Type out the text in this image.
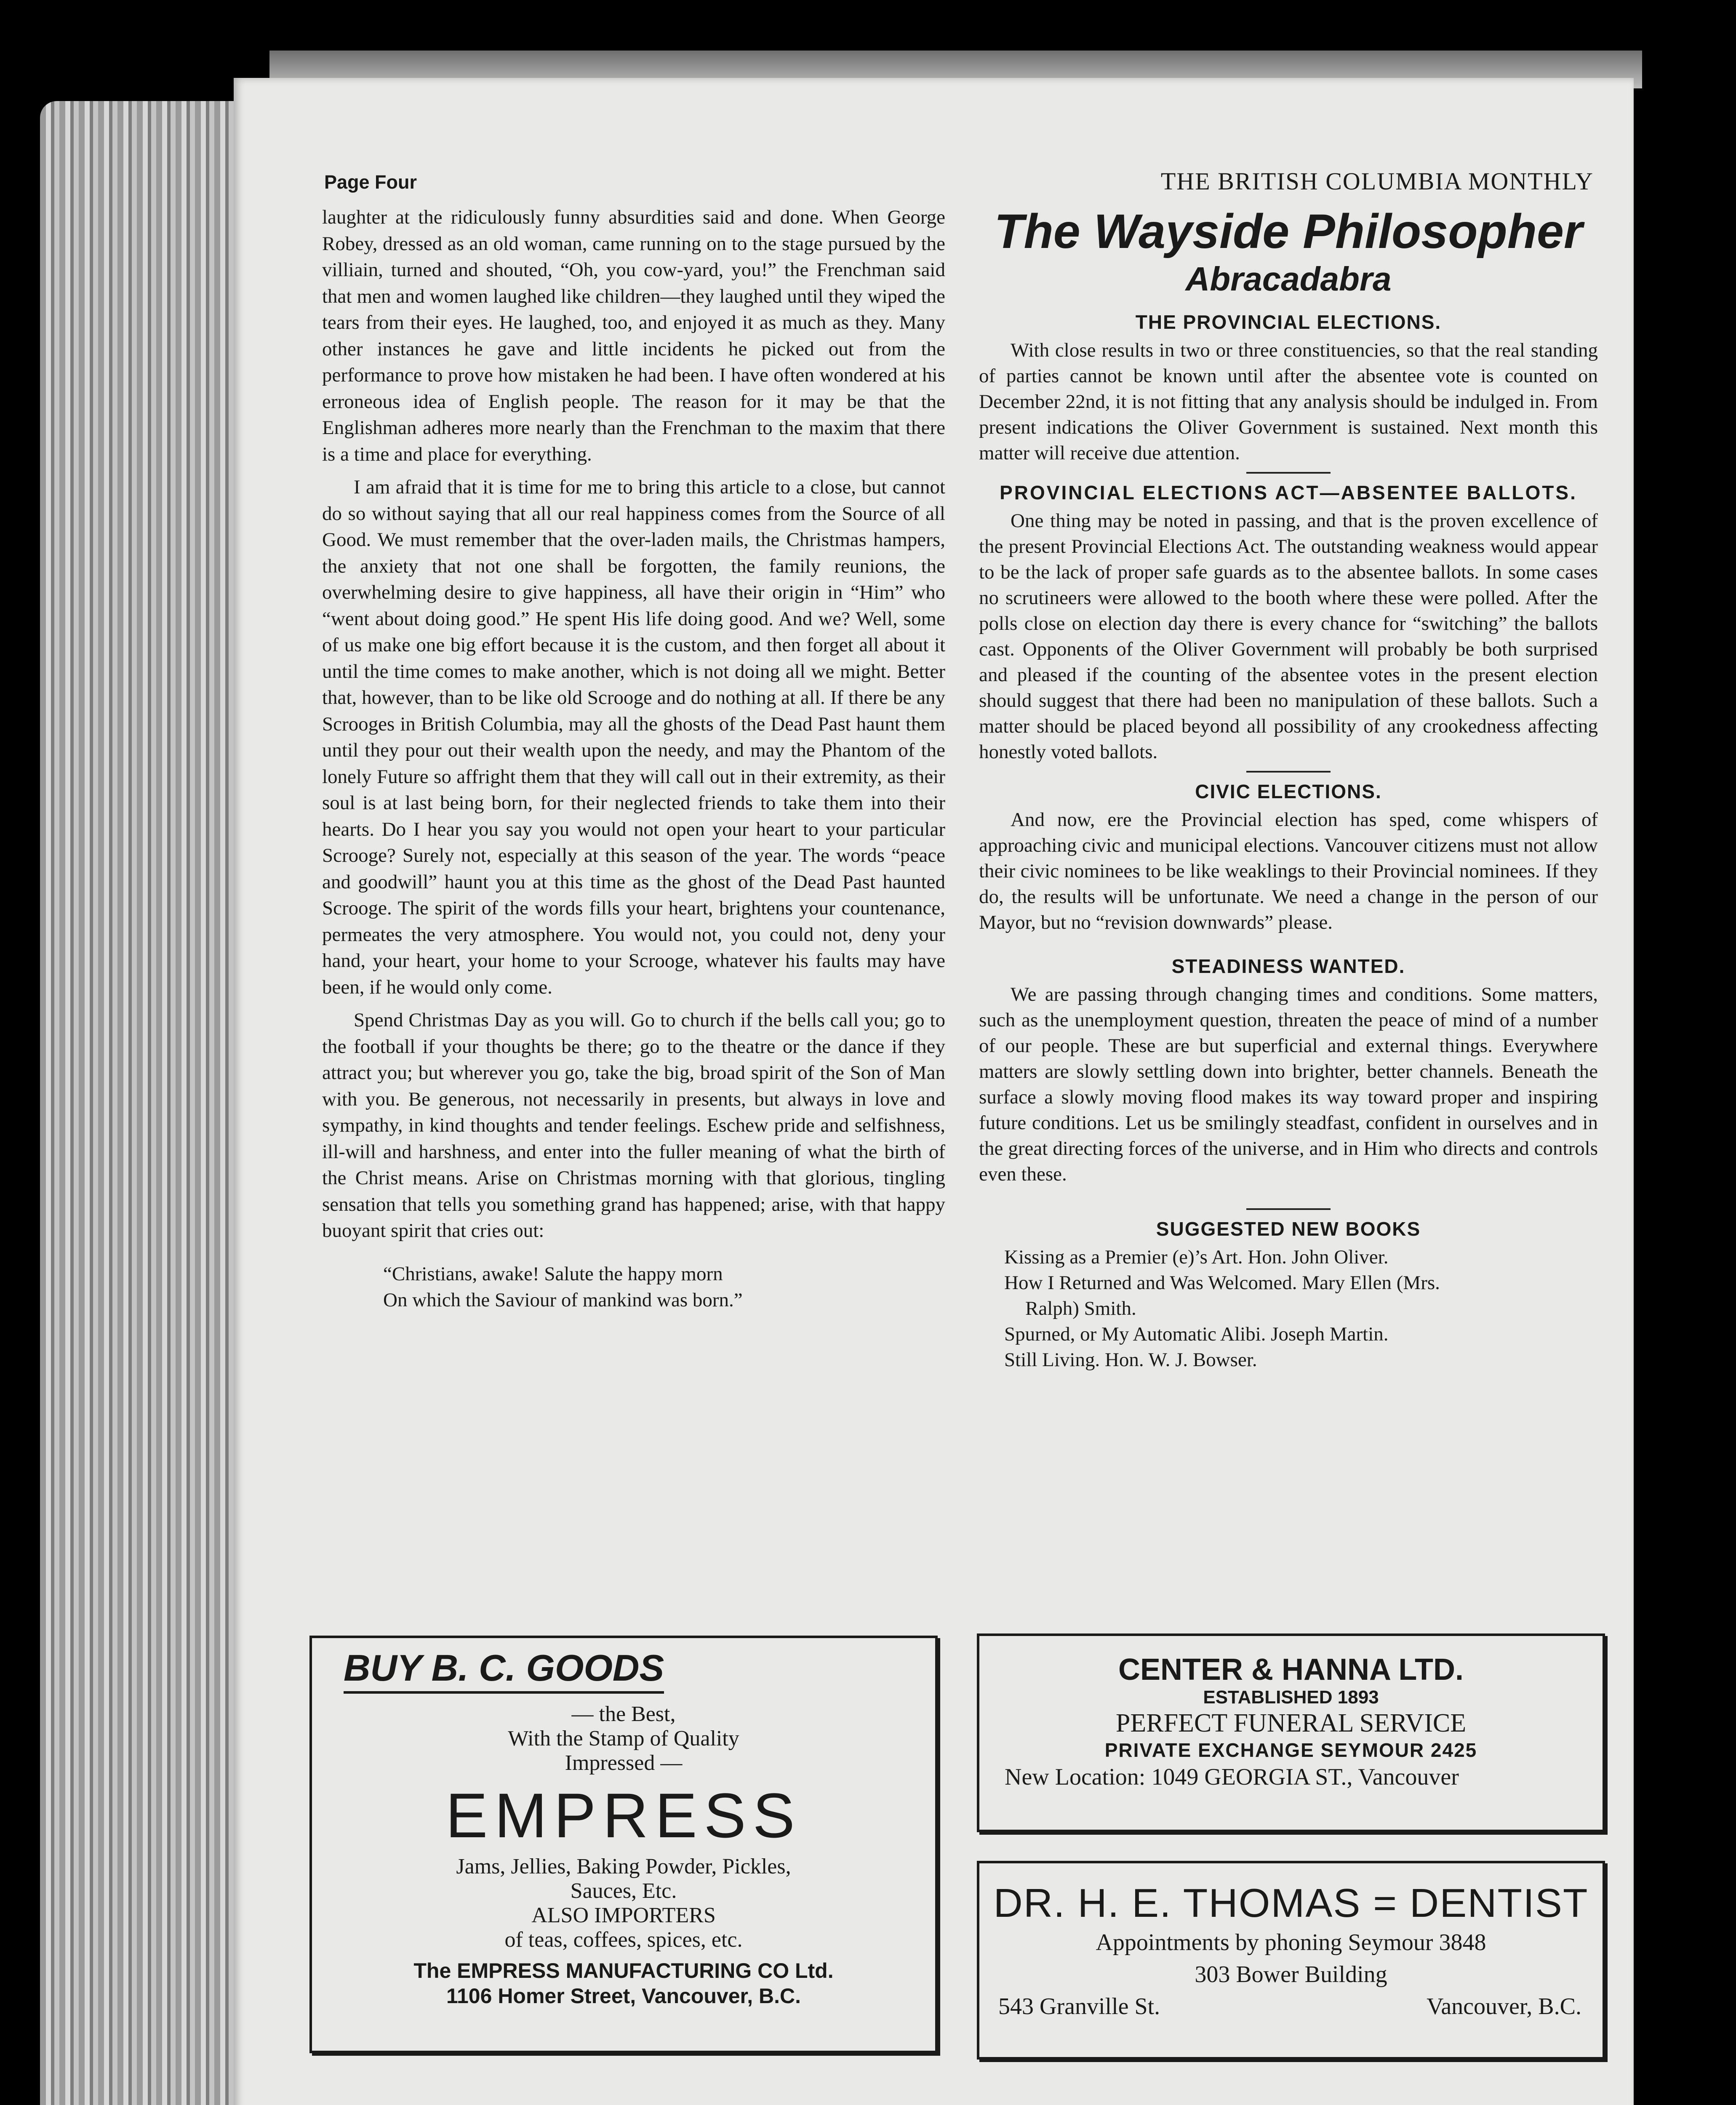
Page Four	THE BRITISH COLUMBIA MONTHLY

laughter at the ridiculously funny absurdities said and done. When George Robey, dressed as an old woman, came running on to the stage pursued by the villiain, turned and shouted, “Oh, you cow-yard, you!” the Frenchman said that men and women laughed like children—they laughed until they wiped the tears from their eyes. He laughed, too, and enjoyed it as much as they. Many other instances he gave and little incidents he picked out from the performance to prove how mistaken he had been. I have often wondered at his erroneous idea of English people. The reason for it may be that the Englishman adheres more nearly than the Frenchman to the maxim that there is a time and place for everything.

I am afraid that it is time for me to bring this article to a close, but cannot do so without saying that all our real happiness comes from the Source of all Good. We must remember that the over-laden mails, the Christmas hampers, the anxiety that not one shall be forgotten, the family reunions, the overwhelming desire to give happiness, all have their origin in “Him” who “went about doing good.” He spent His life doing good. And we? Well, some of us make one big effort because it is the custom, and then forget all about it until the time comes to make another, which is not doing all we might. Better that, however, than to be like old Scrooge and do nothing at all. If there be any Scrooges in British Columbia, may all the ghosts of the Dead Past haunt them until they pour out their wealth upon the needy, and may the Phantom of the lonely Future so affright them that they will call out in their extremity, as their soul is at last being born, for their neglected friends to take them into their hearts. Do I hear you say you would not open your heart to your particular Scrooge? Surely not, especially at this season of the year. The words “peace and goodwill” haunt you at this time as the ghost of the Dead Past haunted Scrooge. The spirit of the words fills your heart, brightens your countenance, permeates the very atmosphere. You would not, you could not, deny your hand, your heart, your home to your Scrooge, whatever his faults may have been, if he would only come.

Spend Christmas Day as you will. Go to church if the bells call you; go to the football if your thoughts be there; go to the theatre or the dance if they attract you; but wherever you go, take the big, broad spirit of the Son of Man with you. Be generous, not necessarily in presents, but always in love and sympathy, in kind thoughts and tender feelings. Eschew pride and selfishness, ill-will and harshness, and enter into the fuller meaning of what the birth of the Christ means. Arise on Christmas morning with that glorious, tingling sensation that tells you something grand has happened; arise, with that happy buoyant spirit that cries out:

“Christians, awake! Salute the happy morn
On which the Saviour of mankind was born.”

The Wayside Philosopher
Abracadabra
THE PROVINCIAL ELECTIONS.

With close results in two or three constituencies, so that the real standing of parties cannot be known until after the absentee vote is counted on December 22nd, it is not fitting that any analysis should be indulged in. From present indications the Oliver Government is sustained. Next month this matter will receive due attention.

PROVINCIAL ELECTIONS ACT—ABSENTEE BALLOTS.

One thing may be noted in passing, and that is the proven excellence of the present Provincial Elections Act. The outstanding weakness would appear to be the lack of proper safe guards as to the absentee ballots. In some cases no scrutineers were allowed to the booth where these were polled. After the polls close on election day there is every chance for “switching” the ballots cast. Opponents of the Oliver Government will probably be both surprised and pleased if the counting of the absentee votes in the present election should suggest that there had been no manipulation of these ballots. Such a matter should be placed beyond all possibility of any crookedness affecting honestly voted ballots.

CIVIC ELECTIONS.

And now, ere the Provincial election has sped, come whispers of approaching civic and municipal elections. Vancouver citizens must not allow their civic nominees to be like weaklings to their Provincial nominees. If they do, the results will be unfortunate. We need a change in the person of our Mayor, but no “revision downwards” please.

STEADINESS WANTED.

We are passing through changing times and conditions. Some matters, such as the unemployment question, threaten the peace of mind of a number of our people. These are but superficial and external things. Everywhere matters are slowly settling down into brighter, better channels. Beneath the surface a slowly moving flood makes its way toward proper and inspiring future conditions. Let us be smilingly steadfast, confident in ourselves and in the great directing forces of the universe, and in Him who directs and controls even these.

SUGGESTED NEW BOOKS
Kissing as a Premier (e)’s Art. Hon. John Oliver.
How I Returned and Was Welcomed. Mary Ellen (Mrs.
Ralph) Smith.
Spurned, or My Automatic Alibi. Joseph Martin.
Still Living. Hon. W. J. Bowser.
BUY B. C. GOODS
— the Best,
With the Stamp of Quality
Impressed —
EMPRESS
Jams, Jellies, Baking Powder, Pickles,
Sauces, Etc.
ALSO IMPORTERS
of teas, coffees, spices, etc.
The EMPRESS MANUFACTURING CO Ltd.
1106 Homer Street, Vancouver, B.C.
CENTER & HANNA LTD.
ESTABLISHED 1893
PERFECT FUNERAL SERVICE
PRIVATE EXCHANGE SEYMOUR 2425
New Location: 1049 GEORGIA ST., Vancouver
DR. H. E. THOMAS = DENTIST
Appointments by phoning Seymour 3848
303 Bower Building
543 Granville St.	Vancouver, B.C.
